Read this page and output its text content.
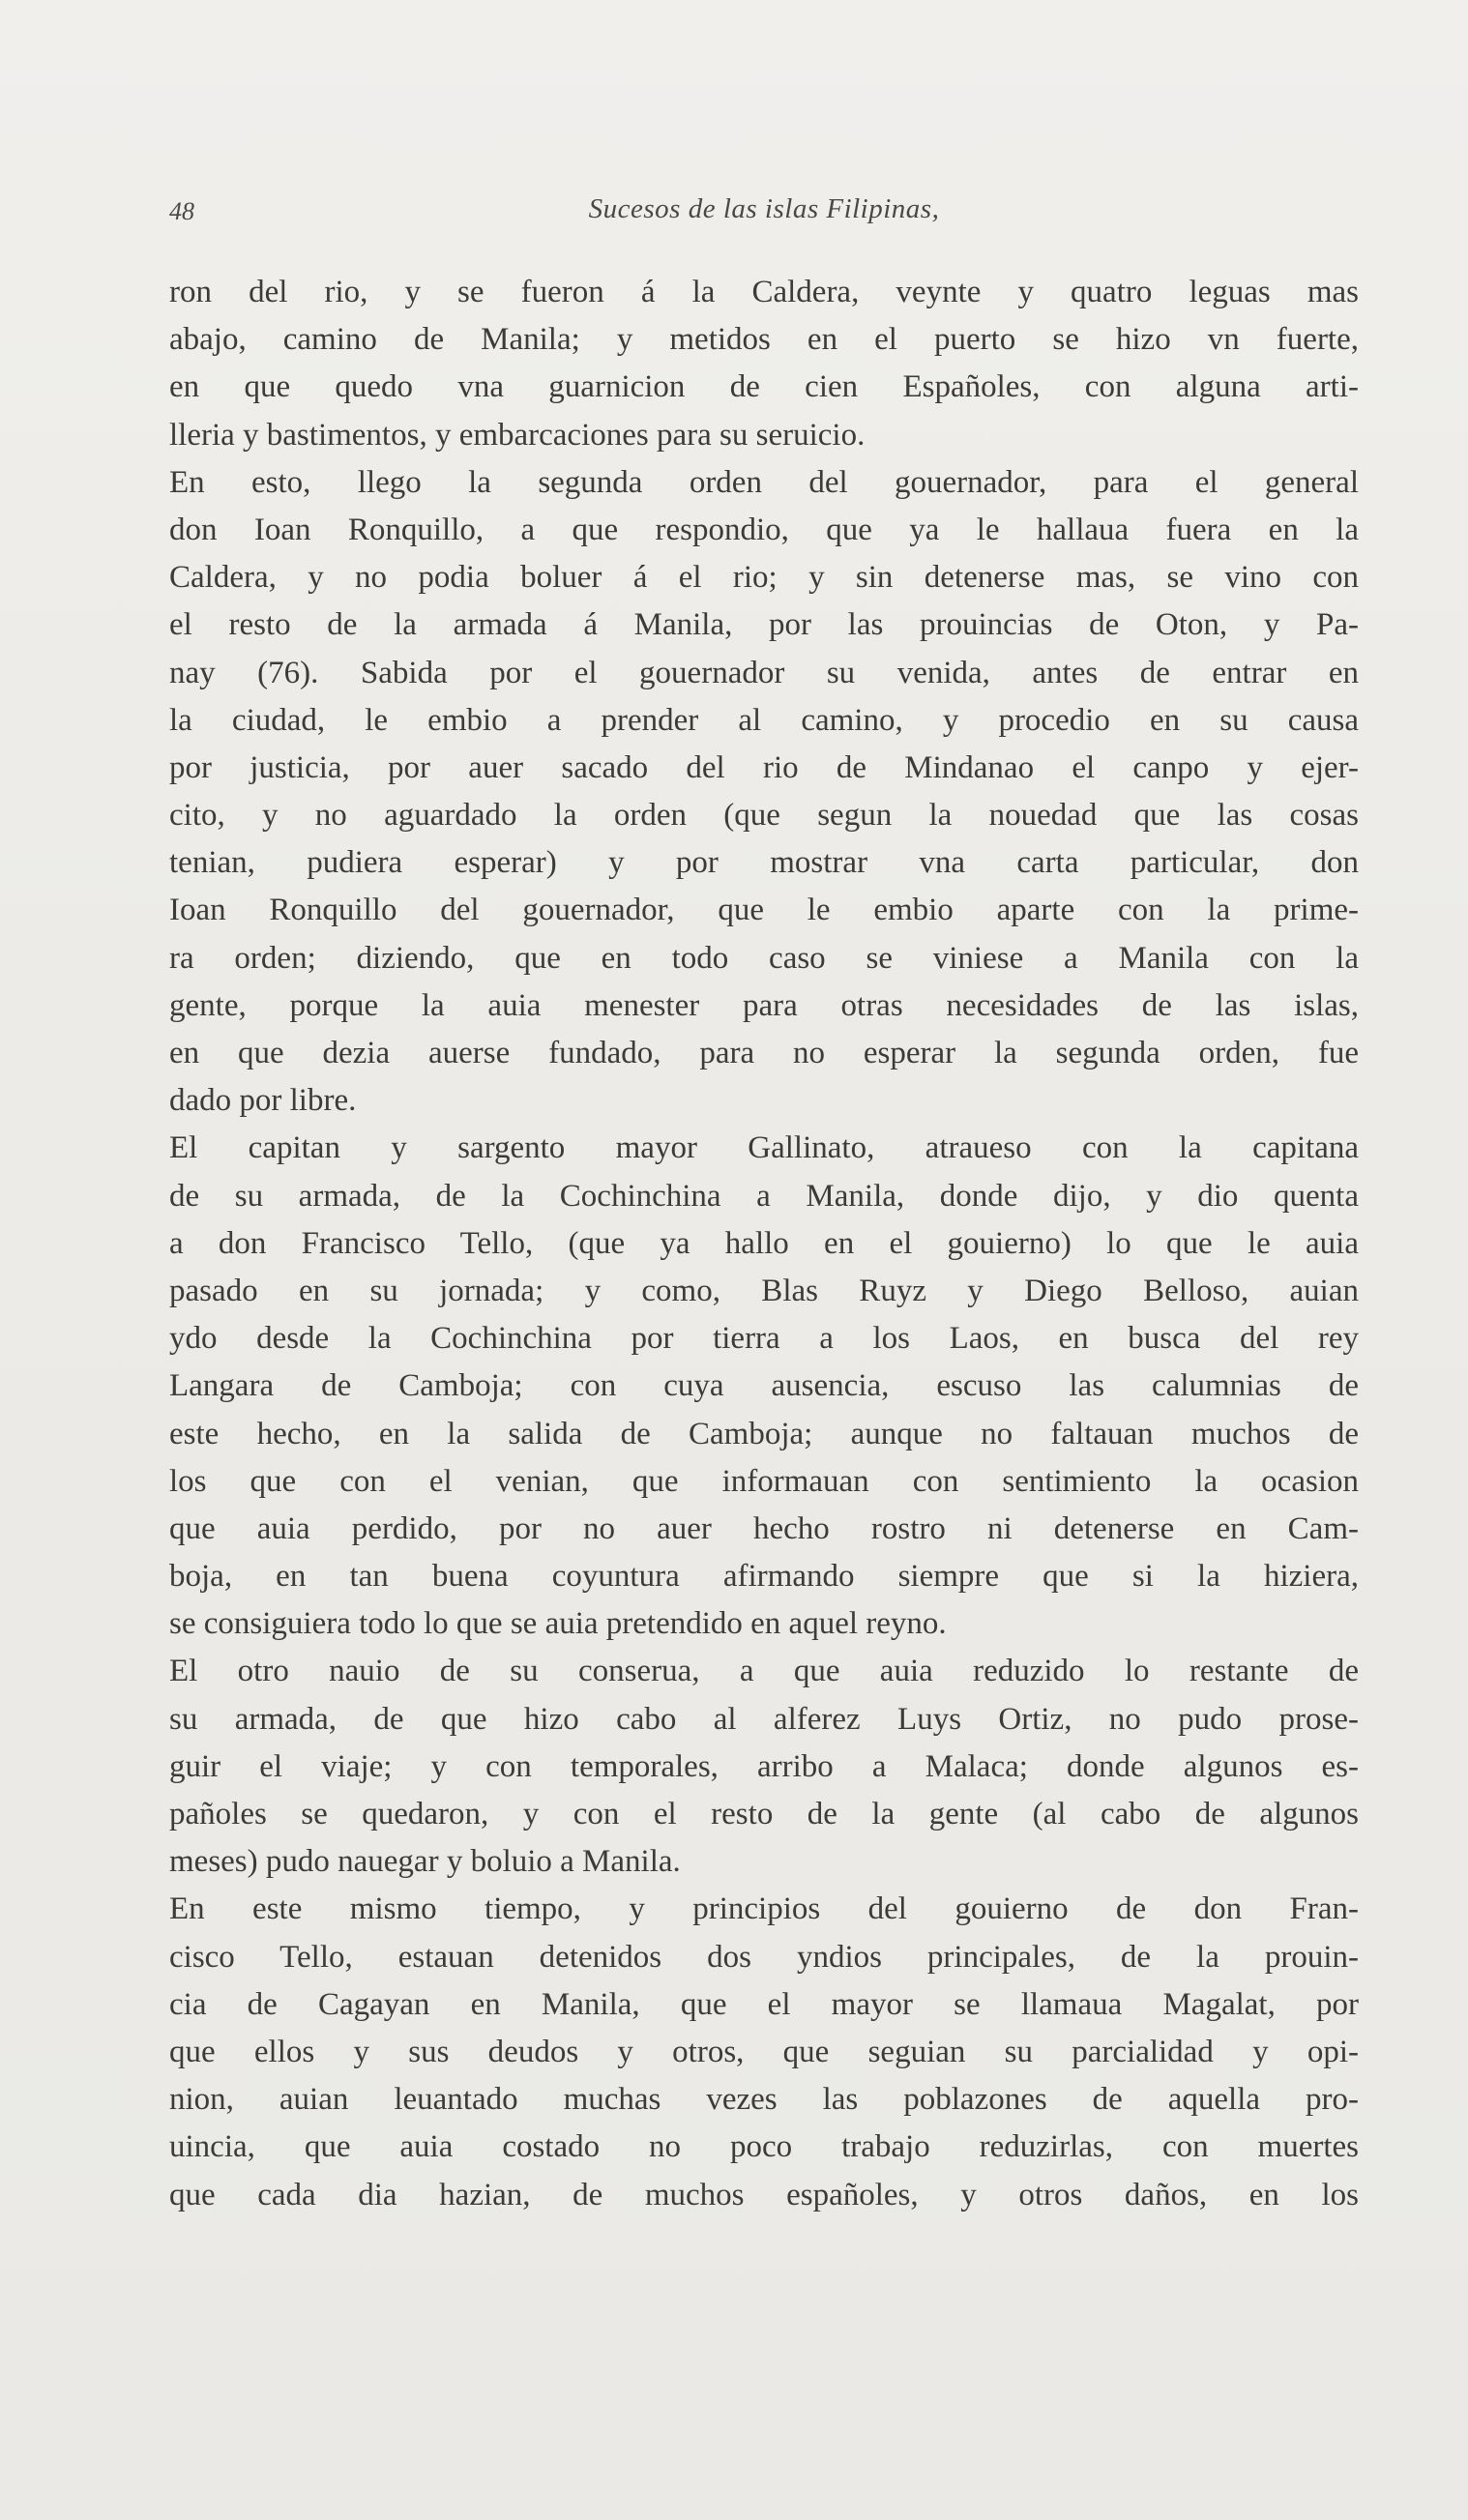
48	Sucesos de las islas Filipinas,
ron del rio, y se fueron á la Caldera, veynte y quatro leguas mas
abajo, camino de Manila; y metidos en el puerto se hizo vn fuerte,
en que quedo vna guarnicion de cien Españoles, con alguna arti-
lleria y bastimentos, y embarcaciones para su seruicio.
En esto, llego la segunda orden del gouernador, para el general
don Ioan Ronquillo, a que respondio, que ya le hallaua fuera en la
Caldera, y no podia boluer á el rio; y sin detenerse mas, se vino con
el resto de la armada á Manila, por las prouincias de Oton, y Pa-
nay (76). Sabida por el gouernador su venida, antes de entrar en
la ciudad, le embio a prender al camino, y procedio en su causa
por justicia, por auer sacado del rio de Mindanao el canpo y ejer-
cito, y no aguardado la orden (que segun la nouedad que las cosas
tenian, pudiera esperar) y por mostrar vna carta particular, don
Ioan Ronquillo del gouernador, que le embio aparte con la prime-
ra orden; diziendo, que en todo caso se viniese a Manila con la
gente, porque la auia menester para otras necesidades de las islas,
en que dezia auerse fundado, para no esperar la segunda orden, fue
dado por libre.
El capitan y sargento mayor Gallinato, atraueso con la capitana
de su armada, de la Cochinchina a Manila, donde dijo, y dio quenta
a don Francisco Tello, (que ya hallo en el gouierno) lo que le auia
pasado en su jornada; y como, Blas Ruyz y Diego Belloso, auian
ydo desde la Cochinchina por tierra a los Laos, en busca del rey
Langara de Camboja; con cuya ausencia, escuso las calumnias de
este hecho, en la salida de Camboja; aunque no faltauan muchos de
los que con el venian, que informauan con sentimiento la ocasion
que auia perdido, por no auer hecho rostro ni detenerse en Cam-
boja, en tan buena coyuntura afirmando siempre que si la hiziera,
se consiguiera todo lo que se auia pretendido en aquel reyno.
El otro nauio de su conserua, a que auia reduzido lo restante de
su armada, de que hizo cabo al alferez Luys Ortiz, no pudo prose-
guir el viaje; y con temporales, arribo a Malaca; donde algunos es-
pañoles se quedaron, y con el resto de la gente (al cabo de algunos
meses) pudo nauegar y boluio a Manila.
En este mismo tiempo, y principios del gouierno de don Fran-
cisco Tello, estauan detenidos dos yndios principales, de la prouin-
cia de Cagayan en Manila, que el mayor se llamaua Magalat, por
que ellos y sus deudos y otros, que seguian su parcialidad y opi-
nion, auian leuantado muchas vezes las poblazones de aquella pro-
uincia, que auia costado no poco trabajo reduzirlas, con muertes
que cada dia hazian, de muchos españoles, y otros daños, en los
